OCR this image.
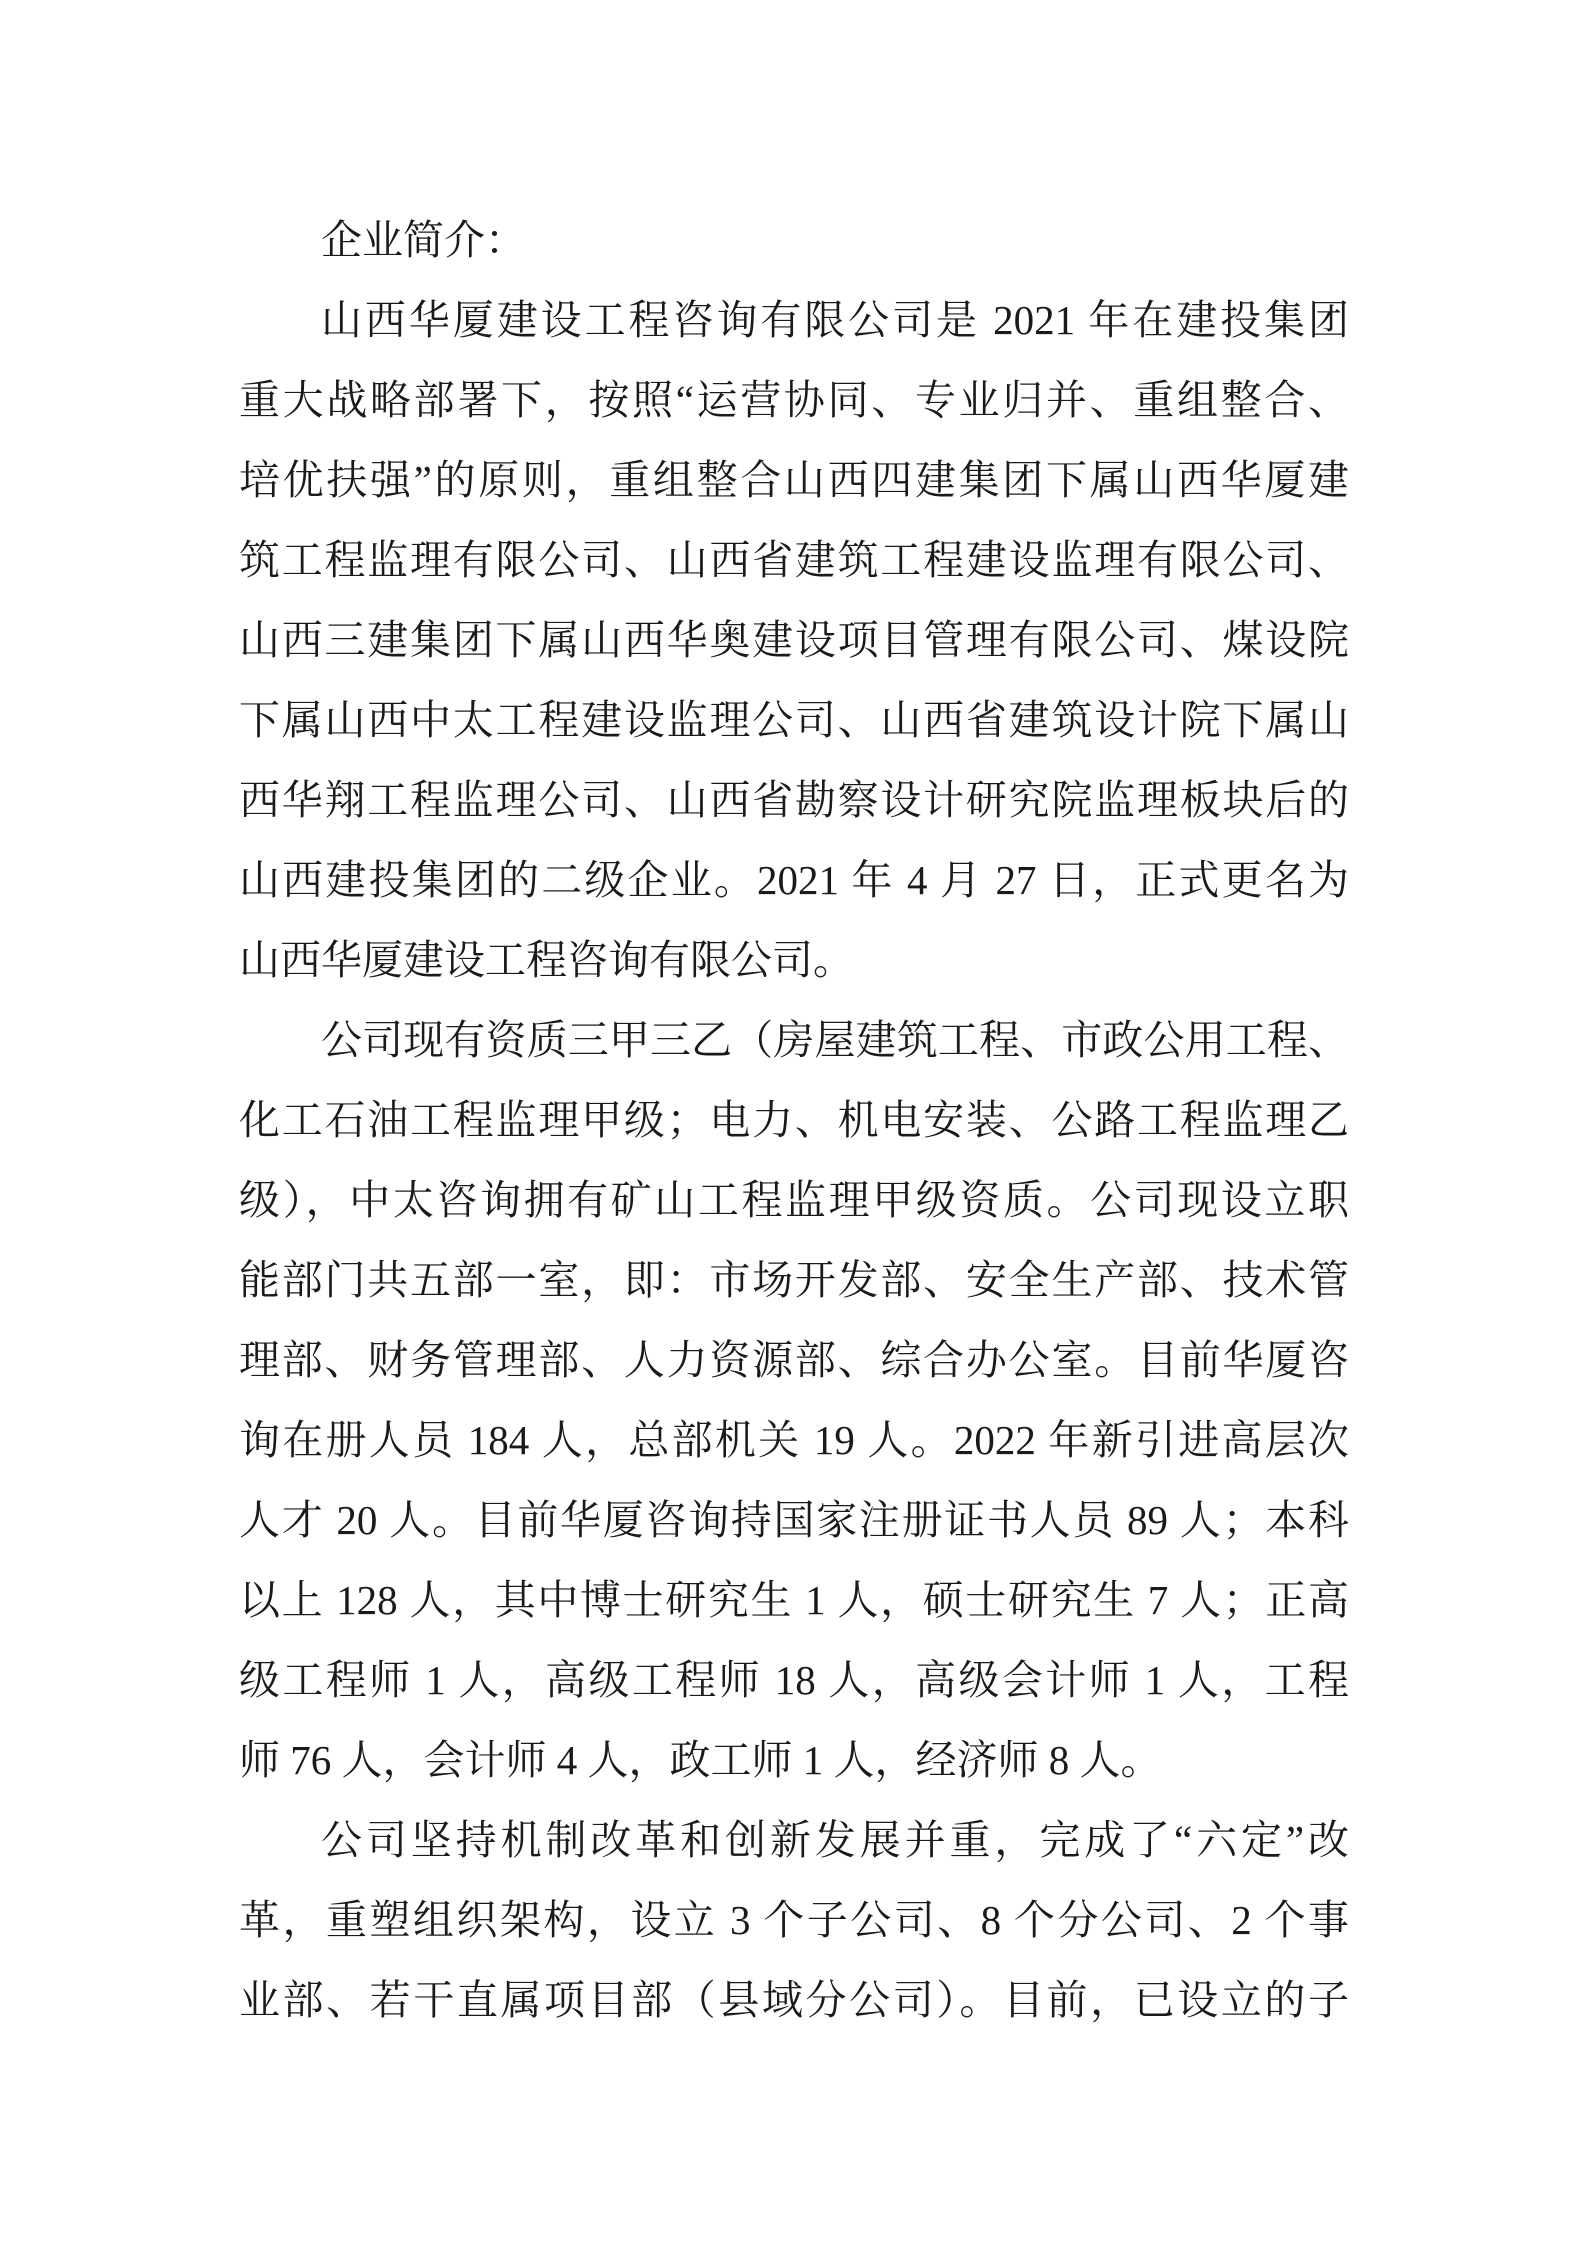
企业简介：
山西华厦建设工程咨询有限公司是 2021 年在建投集团
重大战略部署下，按照“运营协同、专业归并、重组整合、
培优扶强”的原则，重组整合山西四建集团下属山西华厦建
筑工程监理有限公司、山西省建筑工程建设监理有限公司、
山西三建集团下属山西华奥建设项目管理有限公司、煤设院
下属山西中太工程建设监理公司、山西省建筑设计院下属山
西华翔工程监理公司、山西省勘察设计研究院监理板块后的
山西建投集团的二级企业。2021 年 4 月 27 日，正式更名为
山西华厦建设工程咨询有限公司。
公司现有资质三甲三乙（房屋建筑工程、市政公用工程、
化工石油工程监理甲级；电力、机电安装、公路工程监理乙
级），中太咨询拥有矿山工程监理甲级资质。公司现设立职
能部门共五部一室，即：市场开发部、安全生产部、技术管
理部、财务管理部、人力资源部、综合办公室。目前华厦咨
询在册人员 184 人，总部机关 19 人。2022 年新引进高层次
人才 20 人。目前华厦咨询持国家注册证书人员 89 人；本科
以上 128 人，其中博士研究生 1 人，硕士研究生 7 人；正高
级工程师 1 人，高级工程师 18 人，高级会计师 1 人，工程
师 76 人，会计师 4 人，政工师 1 人，经济师 8 人。
公司坚持机制改革和创新发展并重，完成了“六定”改
革，重塑组织架构，设立 3 个子公司、8 个分公司、2 个事
业部、若干直属项目部（县域分公司）。目前，已设立的子
